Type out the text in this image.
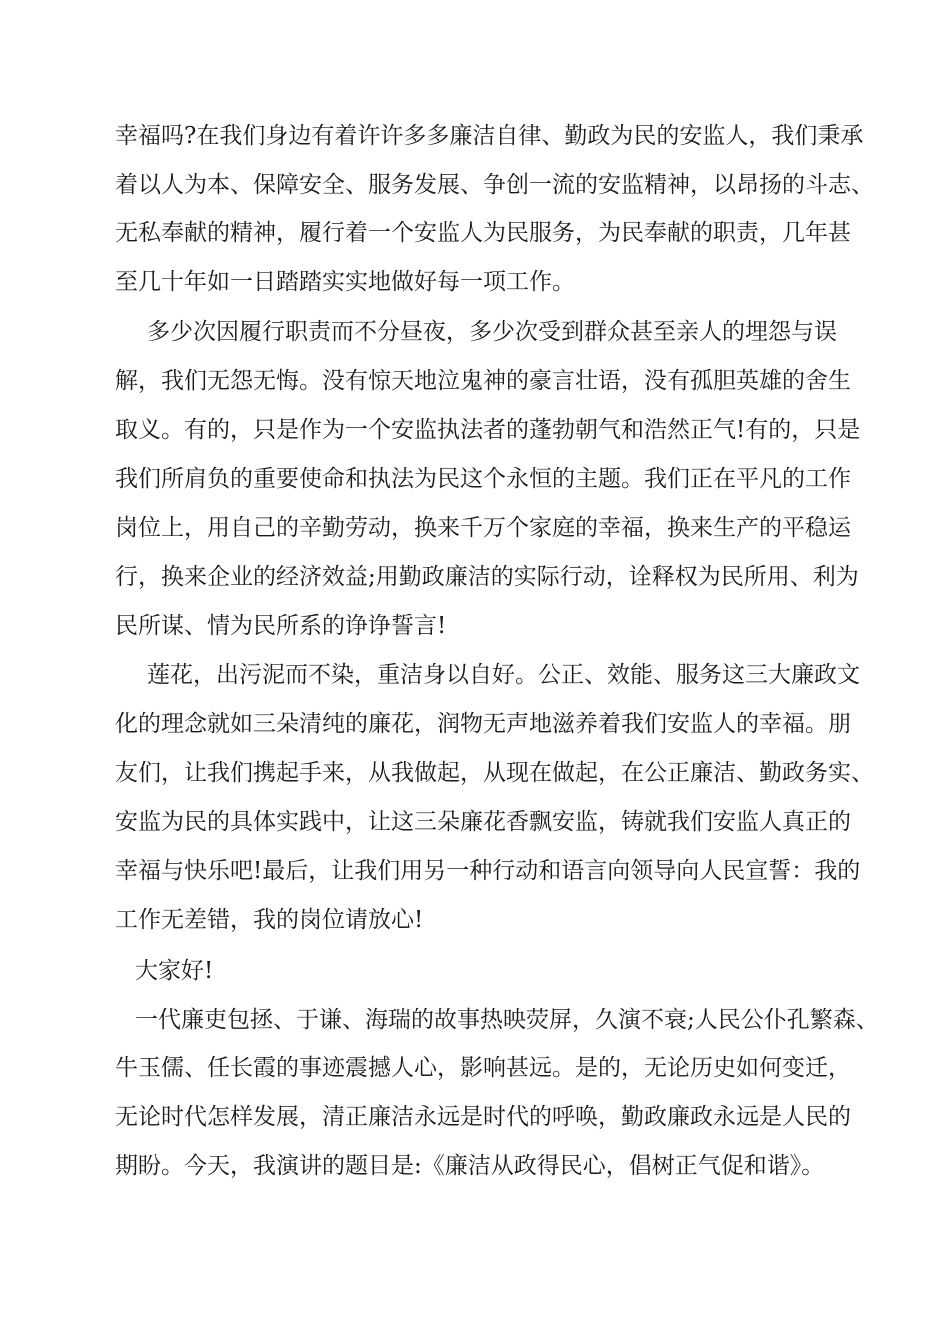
幸福吗?在我们身边有着许许多多廉洁自律、勤政为民的安监人，我们秉承
着以人为本、保障安全、服务发展、争创一流的安监精神，以昂扬的斗志、
无私奉献的精神，履行着一个安监人为民服务，为民奉献的职责，几年甚
至几十年如一日踏踏实实地做好每一项工作。
多少次因履行职责而不分昼夜，多少次受到群众甚至亲人的埋怨与误
解，我们无怨无悔。没有惊天地泣鬼神的豪言壮语，没有孤胆英雄的舍生
取义。有的，只是作为一个安监执法者的蓬勃朝气和浩然正气!有的，只是
我们所肩负的重要使命和执法为民这个永恒的主题。我们正在平凡的工作
岗位上，用自己的辛勤劳动，换来千万个家庭的幸福，换来生产的平稳运
行，换来企业的经济效益;用勤政廉洁的实际行动，诠释权为民所用、利为
民所谋、情为民所系的诤诤誓言!
莲花，出污泥而不染，重洁身以自好。公正、效能、服务这三大廉政文
化的理念就如三朵清纯的廉花，润物无声地滋养着我们安监人的幸福。朋
友们，让我们携起手来，从我做起，从现在做起，在公正廉洁、勤政务实、
安监为民的具体实践中，让这三朵廉花香飘安监，铸就我们安监人真正的
幸福与快乐吧!最后，让我们用另一种行动和语言向领导向人民宣誓：我的
工作无差错，我的岗位请放心!
大家好!
一代廉吏包拯、于谦、海瑞的故事热映荧屏，久演不衰;人民公仆孔繁森、
牛玉儒、任长霞的事迹震撼人心，影响甚远。是的，无论历史如何变迁，
无论时代怎样发展，清正廉洁永远是时代的呼唤，勤政廉政永远是人民的
期盼。今天，我演讲的题目是:《廉洁从政得民心，倡树正气促和谐》。
